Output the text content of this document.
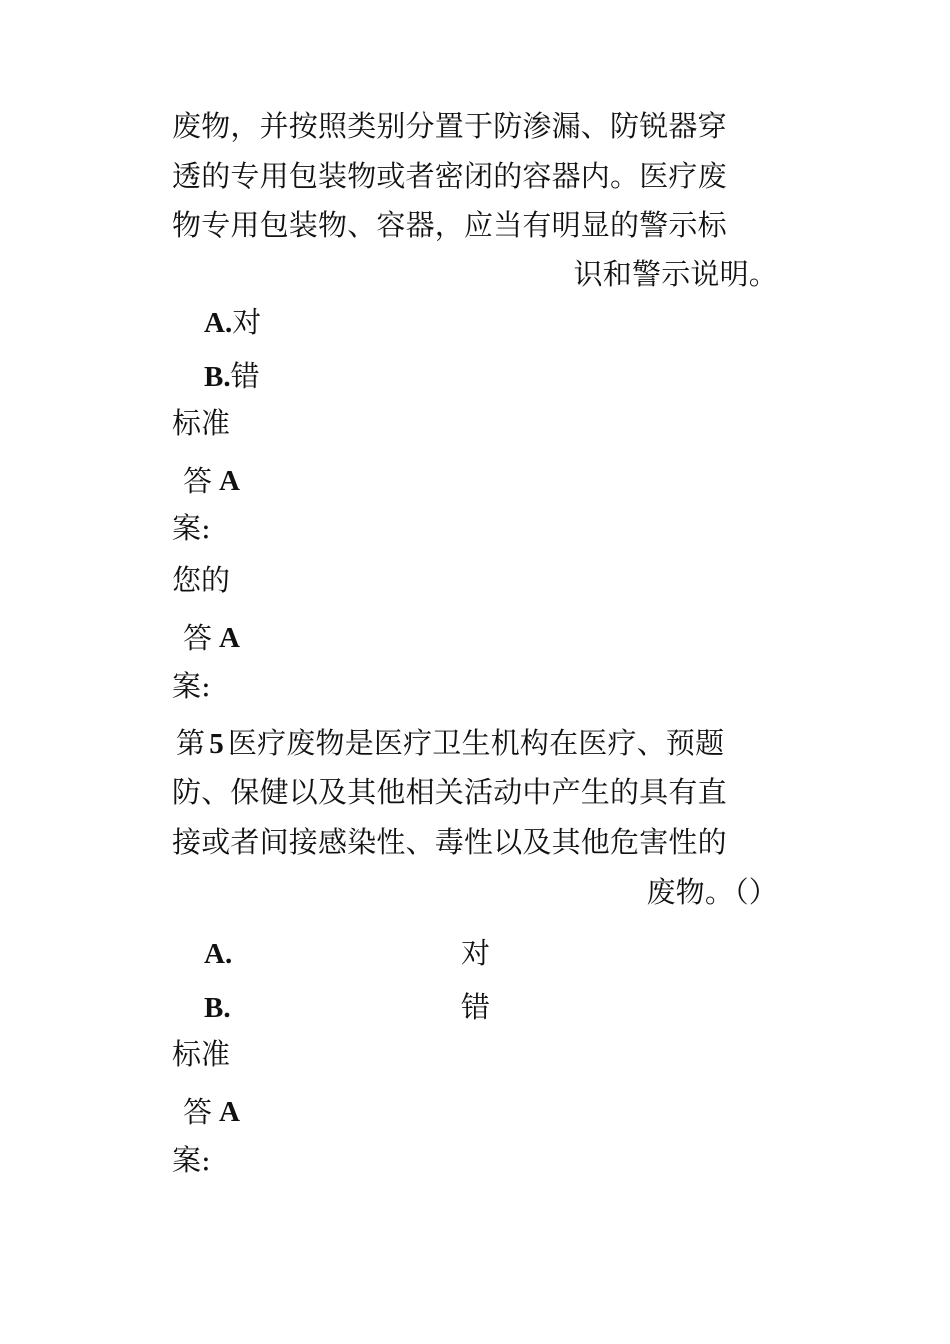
废物，并按照类别分置于防渗漏、防锐器穿
透的专用包装物或者密闭的容器内。医疗废
物专用包装物、容器，应当有明显的警示标
识和警示说明。
A.对
B.错
标准
答 A
案:
您的
答 A
案:
第 5 医疗废物是医疗卫生机构在医疗、预题
防、保健以及其他相关活动中产生的具有直
接或者间接感染性、毒性以及其他危害性的
废物。（）
A.	对
B.	错
标准
答 A
案:
